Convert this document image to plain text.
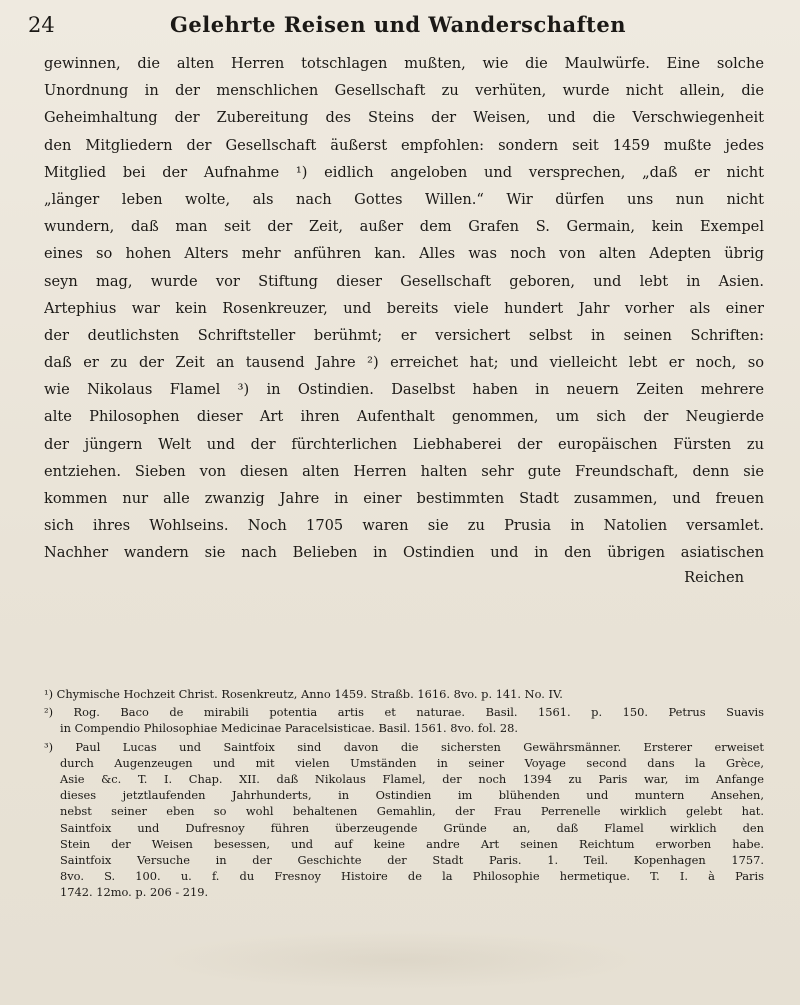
24	Gelehrte Reisen und Wanderschaften
gewinnen, die alten Herren totschlagen mußten, wie die Maulwürfe. Eine solche
Unordnung in der menschlichen Gesellschaft zu verhüten, wurde nicht allein, die
Geheimhaltung der Zubereitung des Steins der Weisen, und die Verschwiegenheit
den Mitgliedern der Gesellschaft äußerst empfohlen: sondern seit 1459 mußte jedes
Mitglied bei der Aufnahme ¹) eidlich angeloben und versprechen, „daß er nicht
„länger leben wolte, als nach Gottes Willen.“ Wir dürfen uns nun nicht
wundern, daß man seit der Zeit, außer dem Grafen S. Germain, kein Exempel
eines so hohen Alters mehr anführen kan. Alles was noch von alten Adepten übrig
seyn mag, wurde vor Stiftung dieser Gesellschaft geboren, und lebt in Asien.
Artephius war kein Rosenkreuzer, und bereits viele hundert Jahr vorher als einer
der deutlichsten Schriftsteller berühmt; er versichert selbst in seinen Schriften:
daß er zu der Zeit an tausend Jahre ²) erreichet hat; und vielleicht lebt er noch, so
wie Nikolaus Flamel ³) in Ostindien. Daselbst haben in neuern Zeiten mehrere
alte Philosophen dieser Art ihren Aufenthalt genommen, um sich der Neugierde
der jüngern Welt und der fürchterlichen Liebhaberei der europäischen Fürsten zu
entziehen. Sieben von diesen alten Herren halten sehr gute Freundschaft, denn sie
kommen nur alle zwanzig Jahre in einer bestimmten Stadt zusammen, und freuen
sich ihres Wohlseins. Noch 1705 waren sie zu Prusia in Natolien versamlet.
Nachher wandern sie nach Belieben in Ostindien und in den übrigen asiatischen
Reichen
¹) Chymische Hochzeit Christ. Rosenkreutz, Anno 1459. Straßb. 1616. 8vo. p. 141. No. IV.
²) Rog. Baco de mirabili potentia artis et naturae. Basil. 1561. p. 150. Petrus Suavis
in Compendio Philosophiae Medicinae Paracelsisticae. Basil. 1561. 8vo. fol. 28.
³) Paul Lucas und Saintfoix sind davon die sichersten Gewährsmänner. Ersterer erweiset
durch Augenzeugen und mit vielen Umständen in seiner Voyage second dans la Grèce,
Asie &c. T. I. Chap. XII. daß Nikolaus Flamel, der noch 1394 zu Paris war, im Anfange
dieses jetztlaufenden Jahrhunderts, in Ostindien im blühenden und muntern Ansehen,
nebst seiner eben so wohl behaltenen Gemahlin, der Frau Perrenelle wirklich gelebt hat.
Saintfoix und Dufresnoy führen überzeugende Gründe an, daß Flamel wirklich den
Stein der Weisen besessen, und auf keine andre Art seinen Reichtum erworben habe.
Saintfoix Versuche in der Geschichte der Stadt Paris. 1. Teil. Kopenhagen 1757.
8vo. S. 100. u. f. du Fresnoy Histoire de la Philosophie hermetique. T. I. à Paris
1742. 12mo. p. 206 - 219.
